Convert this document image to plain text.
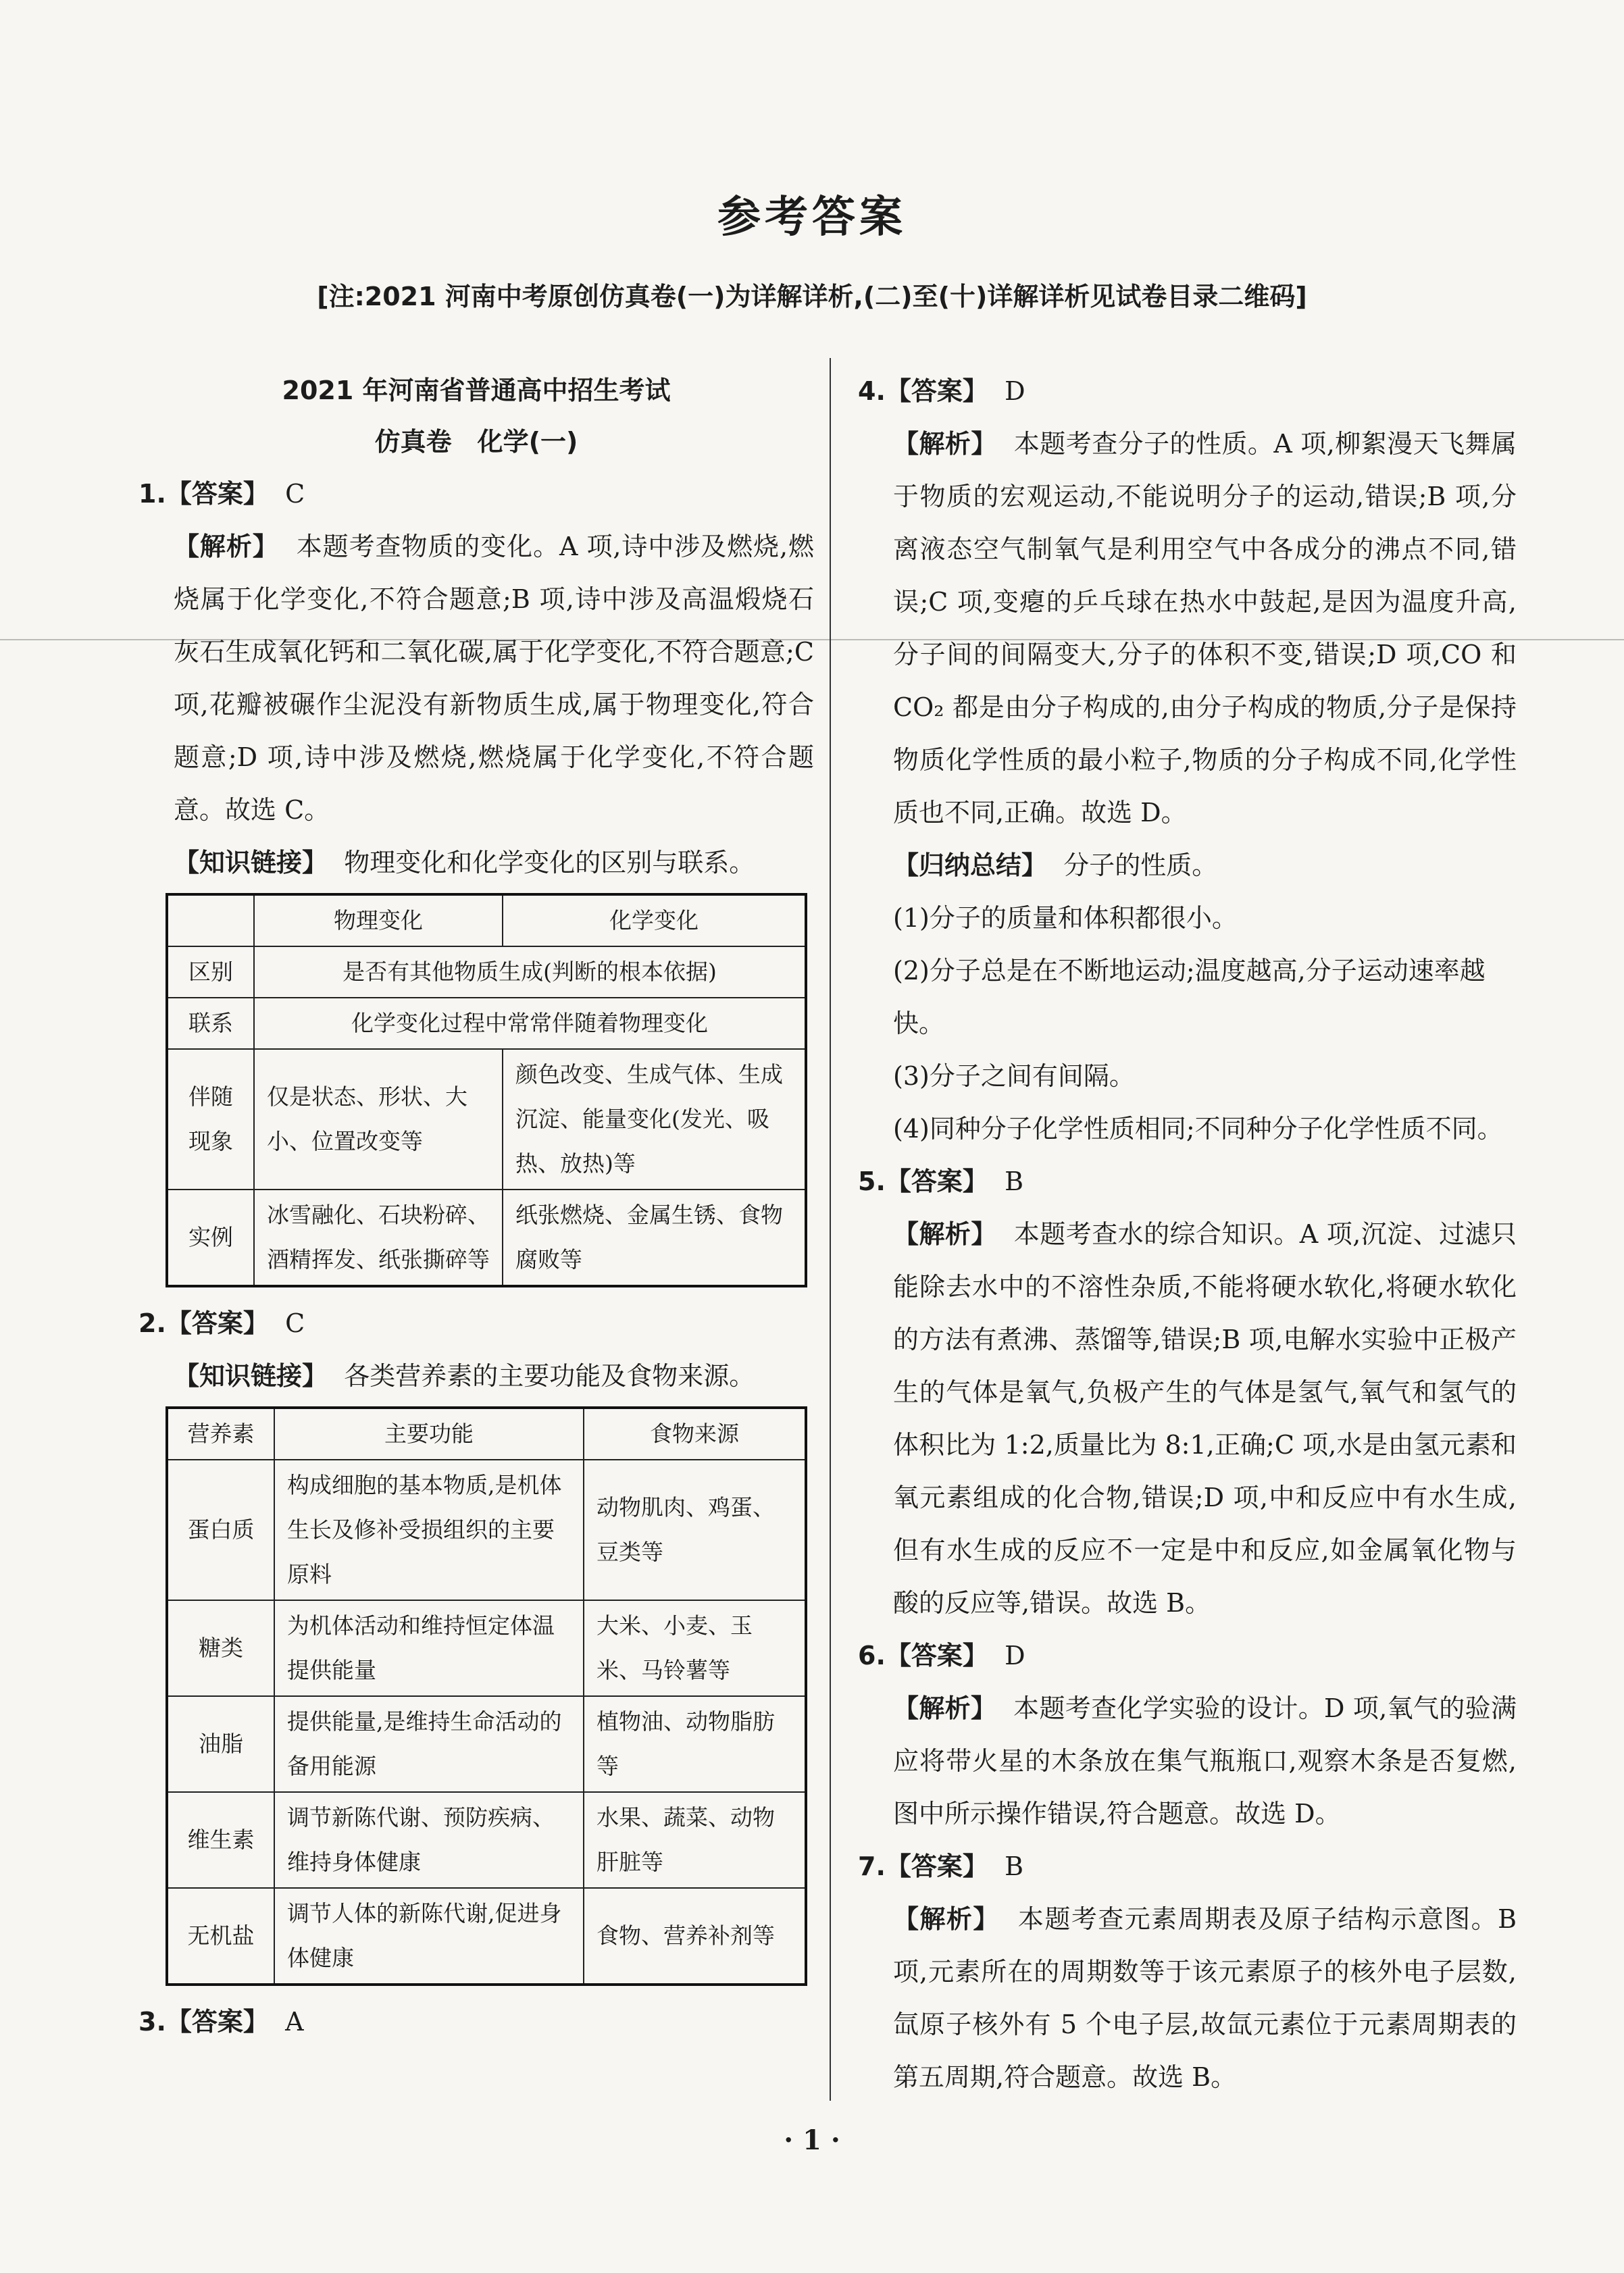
参考答案
[注:2021 河南中考原创仿真卷(一)为详解详析,(二)至(十)详解详析见试卷目录二维码]
2021 年河南省普通高中招生考试
仿真卷　化学(一)
1.【答案】 C
【解析】 本题考查物质的变化。A 项,诗中涉及燃烧,燃烧属于化学变化,不符合题意;B 项,诗中涉及高温煅烧石灰石生成氧化钙和二氧化碳,属于化学变化,不符合题意;C 项,花瓣被碾作尘泥没有新物质生成,属于物理变化,符合题意;D 项,诗中涉及燃烧,燃烧属于化学变化,不符合题意。故选 C。
【知识链接】 物理变化和化学变化的区别与联系。
	物理变化	化学变化
区别	是否有其他物质生成(判断的根本依据)	
联系	化学变化过程中常常伴随着物理变化	
伴随现象	仅是状态、形状、大小、位置改变等	颜色改变、生成气体、生成沉淀、能量变化(发光、吸热、放热)等
实例	冰雪融化、石块粉碎、酒精挥发、纸张撕碎等	纸张燃烧、金属生锈、食物腐败等
2.【答案】 C
【知识链接】 各类营养素的主要功能及食物来源。
营养素	主要功能	食物来源
蛋白质	构成细胞的基本物质,是机体生长及修补受损组织的主要原料	动物肌肉、鸡蛋、豆类等
糖类	为机体活动和维持恒定体温提供能量	大米、小麦、玉米、马铃薯等
油脂	提供能量,是维持生命活动的备用能源	植物油、动物脂肪等
维生素	调节新陈代谢、预防疾病、维持身体健康	水果、蔬菜、动物肝脏等
无机盐	调节人体的新陈代谢,促进身体健康	食物、营养补剂等
3.【答案】 A
4.【答案】 D
【解析】 本题考查分子的性质。A 项,柳絮漫天飞舞属于物质的宏观运动,不能说明分子的运动,错误;B 项,分离液态空气制氧气是利用空气中各成分的沸点不同,错误;C 项,变瘪的乒乓球在热水中鼓起,是因为温度升高,分子间的间隔变大,分子的体积不变,错误;D 项,CO 和 CO₂ 都是由分子构成的,由分子构成的物质,分子是保持物质化学性质的最小粒子,物质的分子构成不同,化学性质也不同,正确。故选 D。
【归纳总结】 分子的性质。
(1)分子的质量和体积都很小。
(2)分子总是在不断地运动;温度越高,分子运动速率越快。
(3)分子之间有间隔。
(4)同种分子化学性质相同;不同种分子化学性质不同。
5.【答案】 B
【解析】 本题考查水的综合知识。A 项,沉淀、过滤只能除去水中的不溶性杂质,不能将硬水软化,将硬水软化的方法有煮沸、蒸馏等,错误;B 项,电解水实验中正极产生的气体是氧气,负极产生的气体是氢气,氧气和氢气的体积比为 1:2,质量比为 8:1,正确;C 项,水是由氢元素和氧元素组成的化合物,错误;D 项,中和反应中有水生成,但有水生成的反应不一定是中和反应,如金属氧化物与酸的反应等,错误。故选 B。
6.【答案】 D
【解析】 本题考查化学实验的设计。D 项,氧气的验满应将带火星的木条放在集气瓶瓶口,观察木条是否复燃,图中所示操作错误,符合题意。故选 D。
7.【答案】 B
【解析】 本题考查元素周期表及原子结构示意图。B 项,元素所在的周期数等于该元素原子的核外电子层数,氙原子核外有 5 个电子层,故氙元素位于元素周期表的第五周期,符合题意。故选 B。
· 1 ·
